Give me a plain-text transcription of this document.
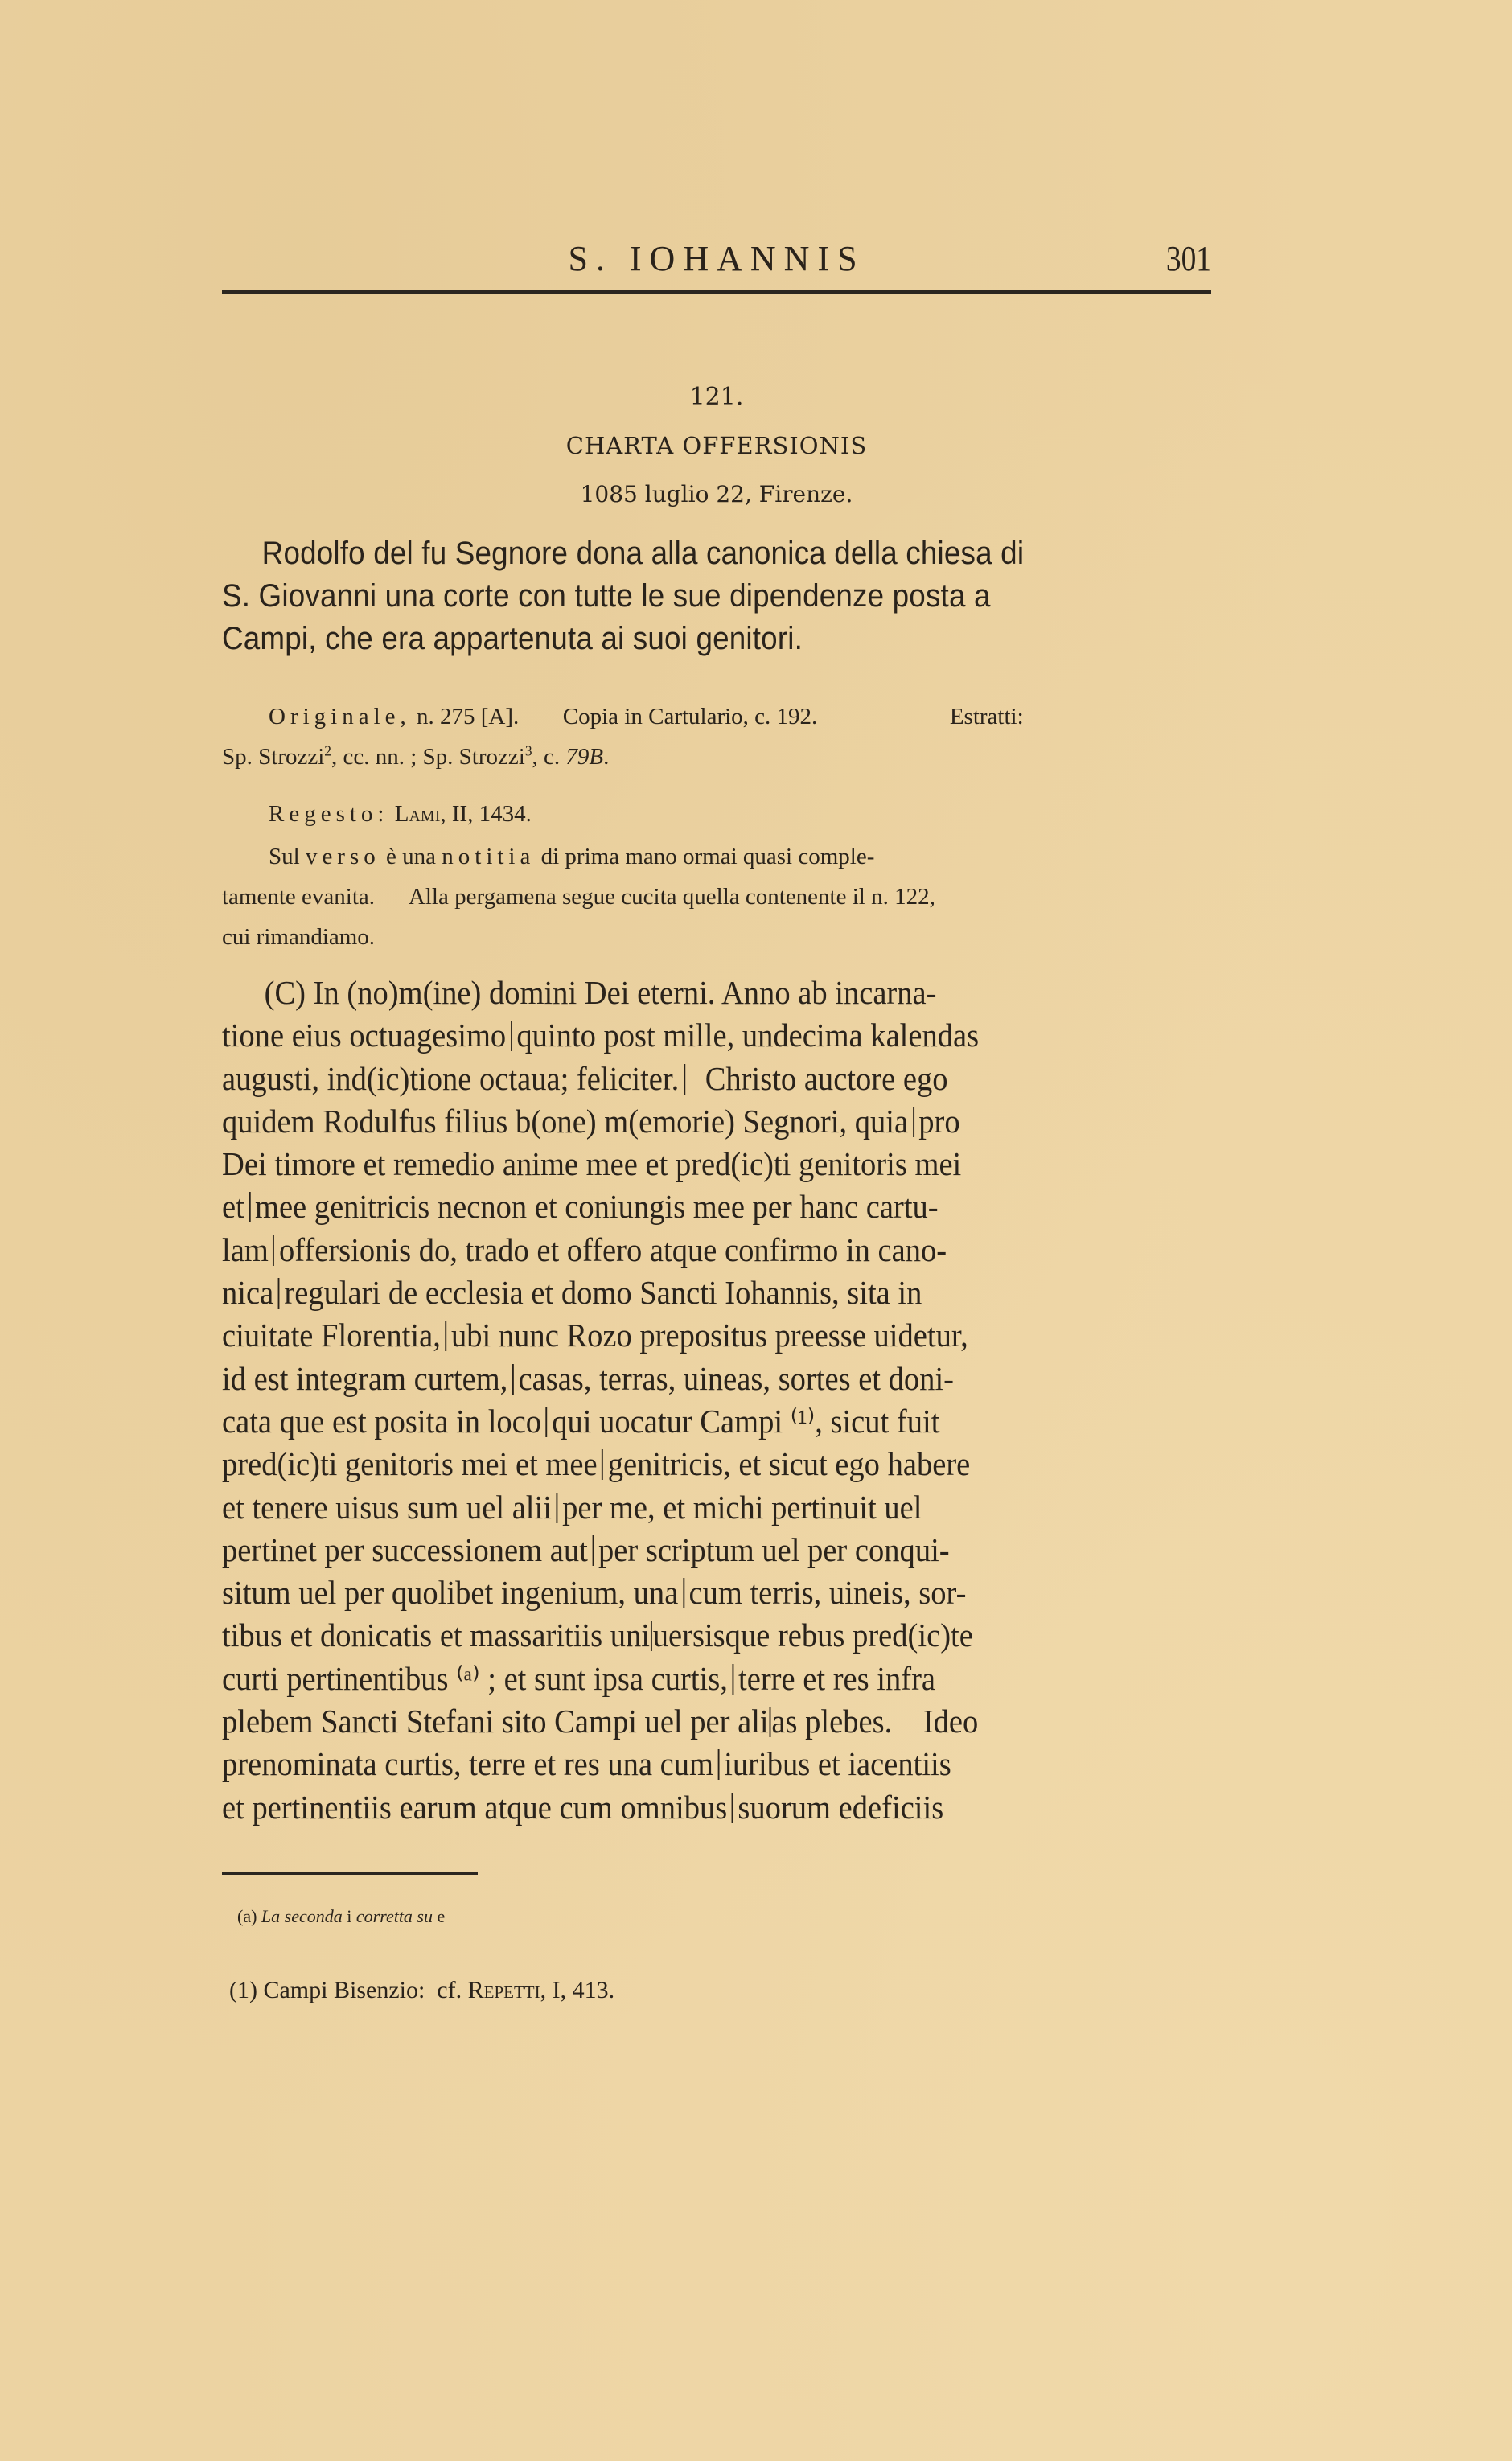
S. IOHANNIS	301
121.
CHARTA OFFERSIONIS
1085 luglio 22, Firenze.
Rodolfo del fu Segnore dona alla canonica della chiesa di
S. Giovanni una corte con tutte le sue dipendenze posta a
Campi, che era appartenuta ai suoi genitori.
Originale, n. 275 [A]. Copia in Cartulario, c. 192.	Estratti:
Sp. Strozzi$^2$, cc. nn. ; Sp. Strozzi$^3$, c. 79B.
Regesto: Lami, II, 1434.
Sul verso è una notitia di prima mano ormai quasi comple-
tamente evanita.      Alla pergamena segue cucita quella contenente il n. 122,
cui rimandiamo.
(C) In (no)m(ine) domini Dei eterni. Anno ab incarna-
tione eius octuagesimo quinto post mille, undecima kalendas
augusti, ind(ic)tione octaua; feliciter.  Christo auctore ego
quidem Rodulfus filius b(one) m(emorie) Segnori, quia pro
Dei timore et remedio anime mee et pred(ic)ti genitoris mei
et mee genitricis necnon et coniungis mee per hanc cartu-
lam offersionis do, trado et offero atque confirmo in cano-
nica regulari de ecclesia et domo Sancti Iohannis, sita in
ciuitate Florentia, ubi nunc Rozo prepositus preesse uidetur,
id est integram curtem, casas, terras, uineas, sortes et doni-
cata que est posita in loco qui uocatur Campi ⁽¹⁾, sicut fuit
pred(ic)ti genitoris mei et mee genitricis, et sicut ego habere
et tenere uisus sum uel alii per me, et michi pertinuit uel
pertinet per successionem aut per scriptum uel per conqui-
situm uel per quolibet ingenium, una cum terris, uineis, sor-
tibus et donicatis et massaritiis uniuersisque rebus pred(ic)te
curti pertinentibus ⁽ᵃ⁾ ; et sunt ipsa curtis, terre et res infra
plebem Sancti Stefani sito Campi uel per alias plebes.    Ideo
prenominata curtis, terre et res una cum iuribus et iacentiis
et pertinentiis earum atque cum omnibus suorum edeficiis
(a) La seconda i corretta su e
(1) Campi Bisenzio:  cf. Repetti, I, 413.
